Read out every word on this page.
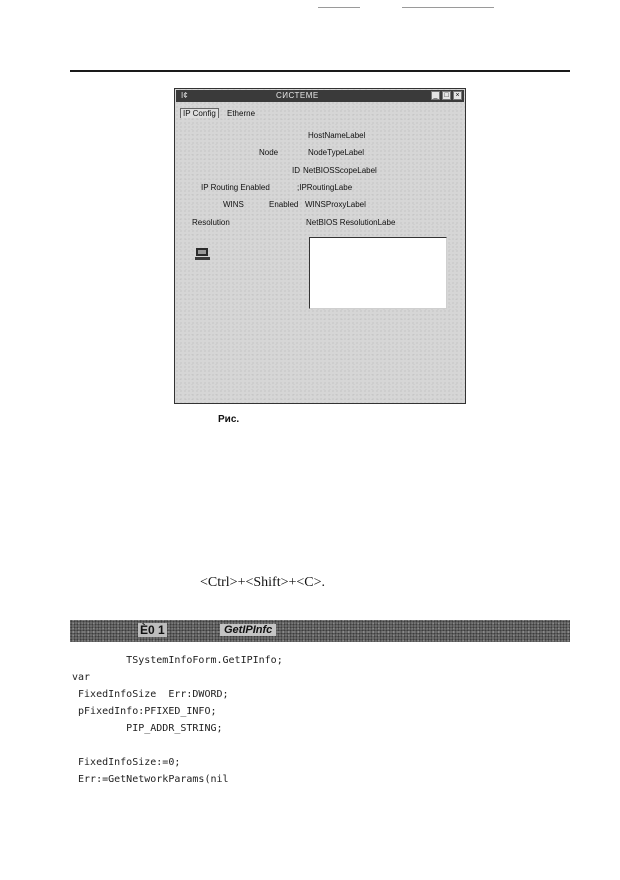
I¢	СИСТЕМЕ	_ □ ×
IP Config Etherne
HostNameLabel
Node	NodeTypeLabel
ID NetBIOSScopeLabel
IP Routing Enabled	;IPRoutingLabe
WINS	Enabled WINSProxyLabel
Resolution	NetBIOS ResolutionLabe
Рис.
<Ctrl>+<Shift>+<C>.
Ѐ0 1	GetIPInfc
TSystemInfoForm.GetIPInfo;
var
FixedInfoSize  Err:DWORD;
pFixedInfo:PFIXED_INFO;
PIP_ADDR_STRING;

FixedInfoSize:=0;
Err:=GetNetworkParams(nil
